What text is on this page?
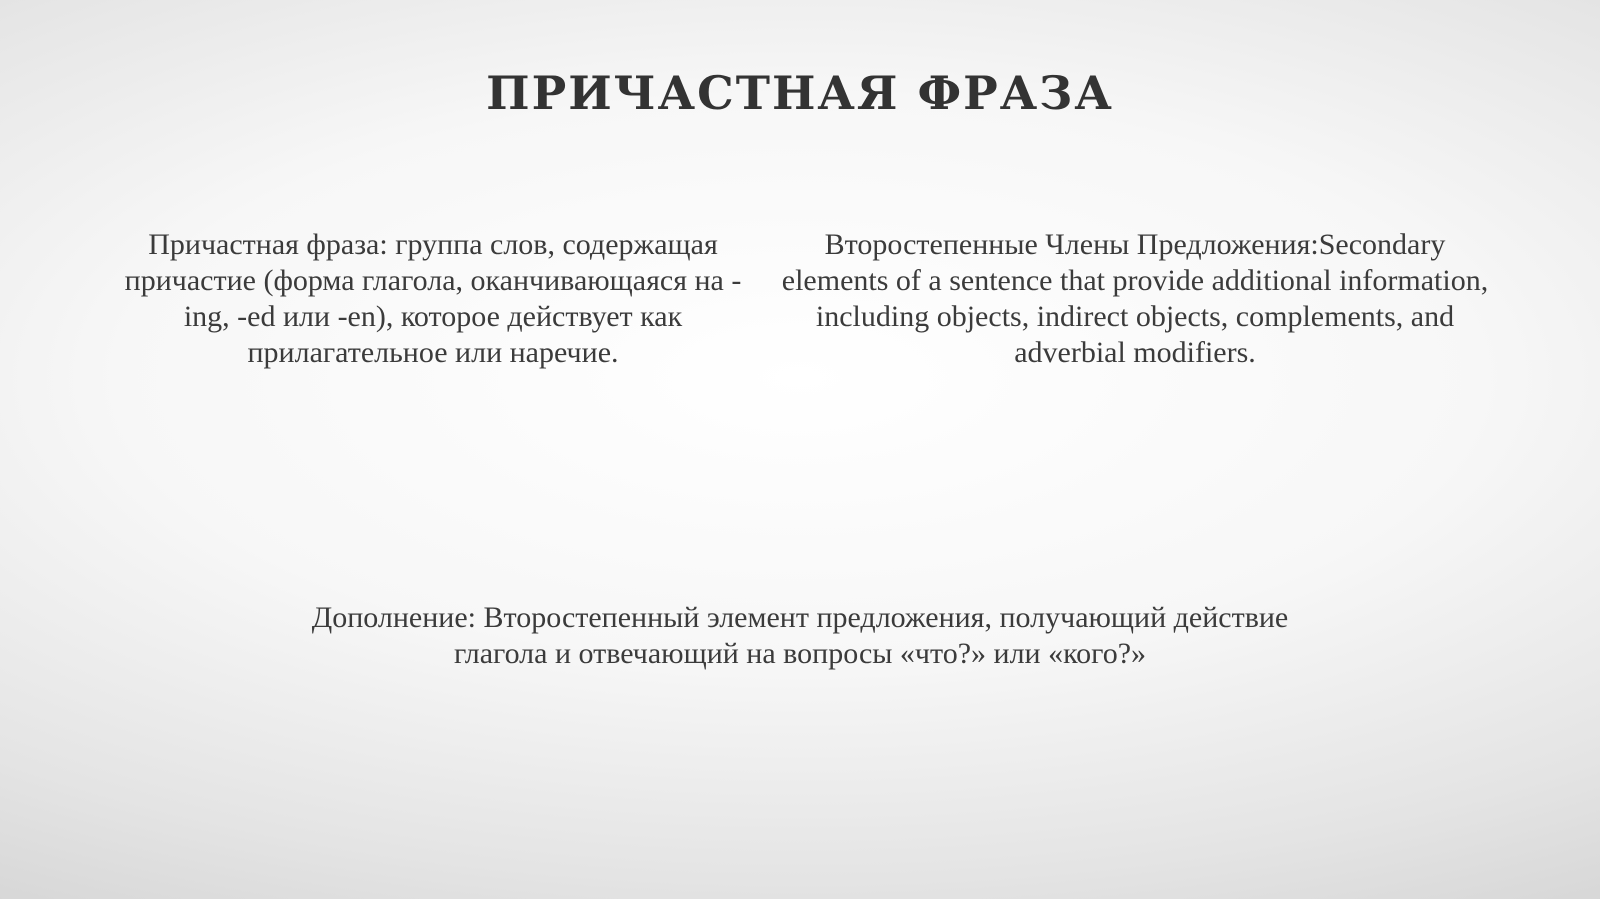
ПРИЧАСТНАЯ ФРАЗА

Причастная фраза: группа слов, содержащая причастие (форма глагола, оканчивающаяся на -ing, -ed или -en), которое действует как прилагательное или наречие.

Второстепенные Члены Предложения:Secondary elements of a sentence that provide additional information, including objects, indirect objects, complements, and adverbial modifiers.

Дополнение: Второстепенный элемент предложения, получающий действие глагола и отвечающий на вопросы «что?» или «кого?»
